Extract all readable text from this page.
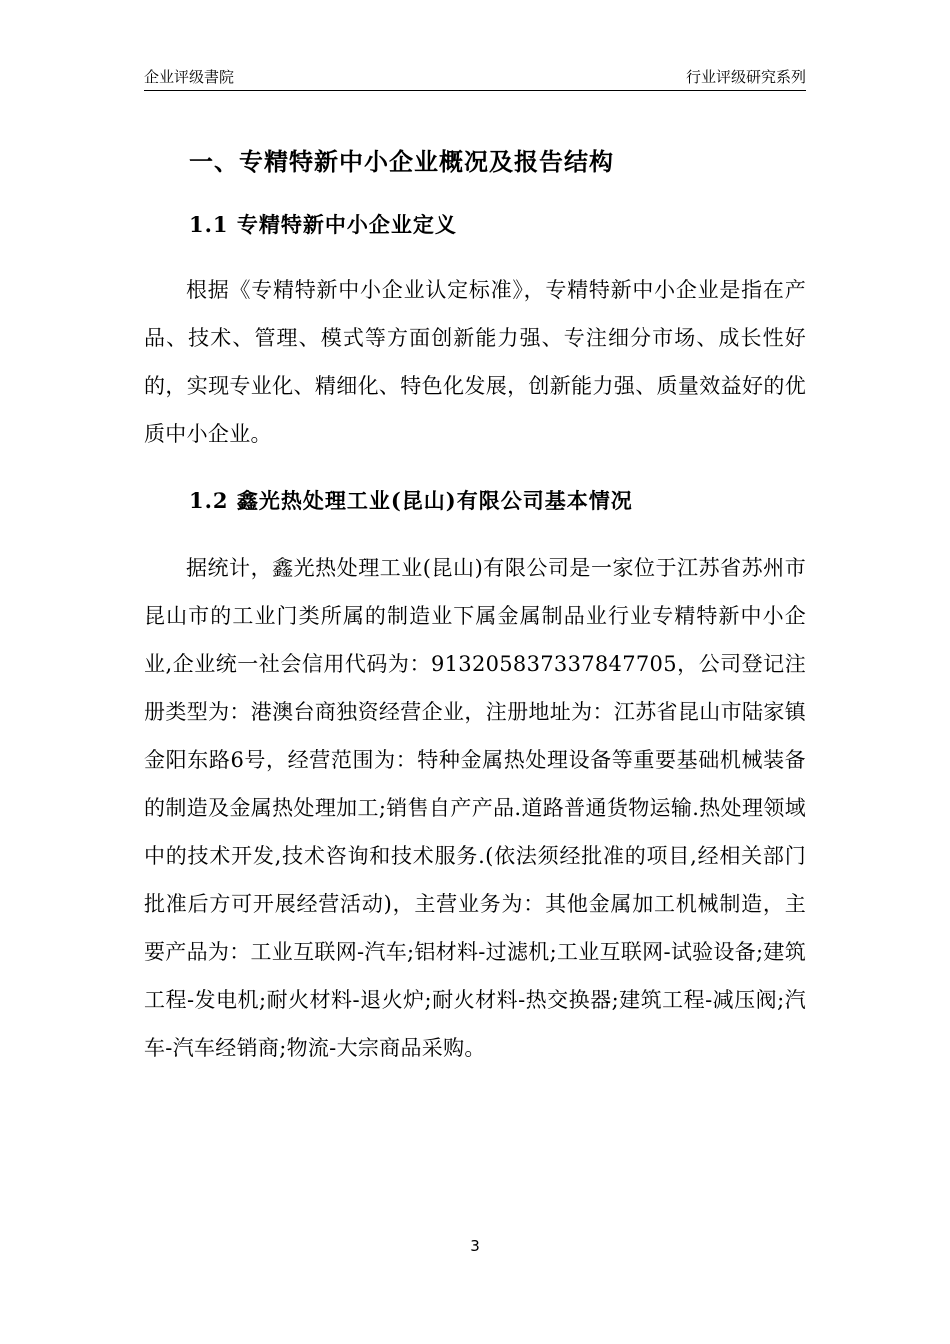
企业评级書院	行业评级研究系列
一、专精特新中小企业概况及报告结构
1.1 专精特新中小企业定义

根据《专精特新中小企业认定标准》，专精特新中小企业是指在产品、技术、管理、模式等方面创新能力强、专注细分市场、成长性好的，实现专业化、精细化、特色化发展，创新能力强、质量效益好的优质中小企业。

1.2 鑫光热处理工业(昆山)有限公司基本情况

据统计，鑫光热处理工业(昆山)有限公司是一家位于江苏省苏州市昆山市的工业门类所属的制造业下属金属制品业行业专精特新中小企业,企业统一社会信用代码为：913205837337847705，公司登记注册类型为：港澳台商独资经营企业，注册地址为：江苏省昆山市陆家镇金阳东路6号，经营范围为：特种金属热处理设备等重要基础机械装备的制造及金属热处理加工;销售自产产品.道路普通货物运输.热处理领域中的技术开发,技术咨询和技术服务.(依法须经批准的项目,经相关部门批准后方可开展经营活动)，主营业务为：其他金属加工机械制造，主要产品为：工业互联网-汽车;铝材料-过滤机;工业互联网-试验设备;建筑工程-发电机;耐火材料-退火炉;耐火材料-热交换器;建筑工程-减压阀;汽车-汽车经销商;物流-大宗商品采购。

3
